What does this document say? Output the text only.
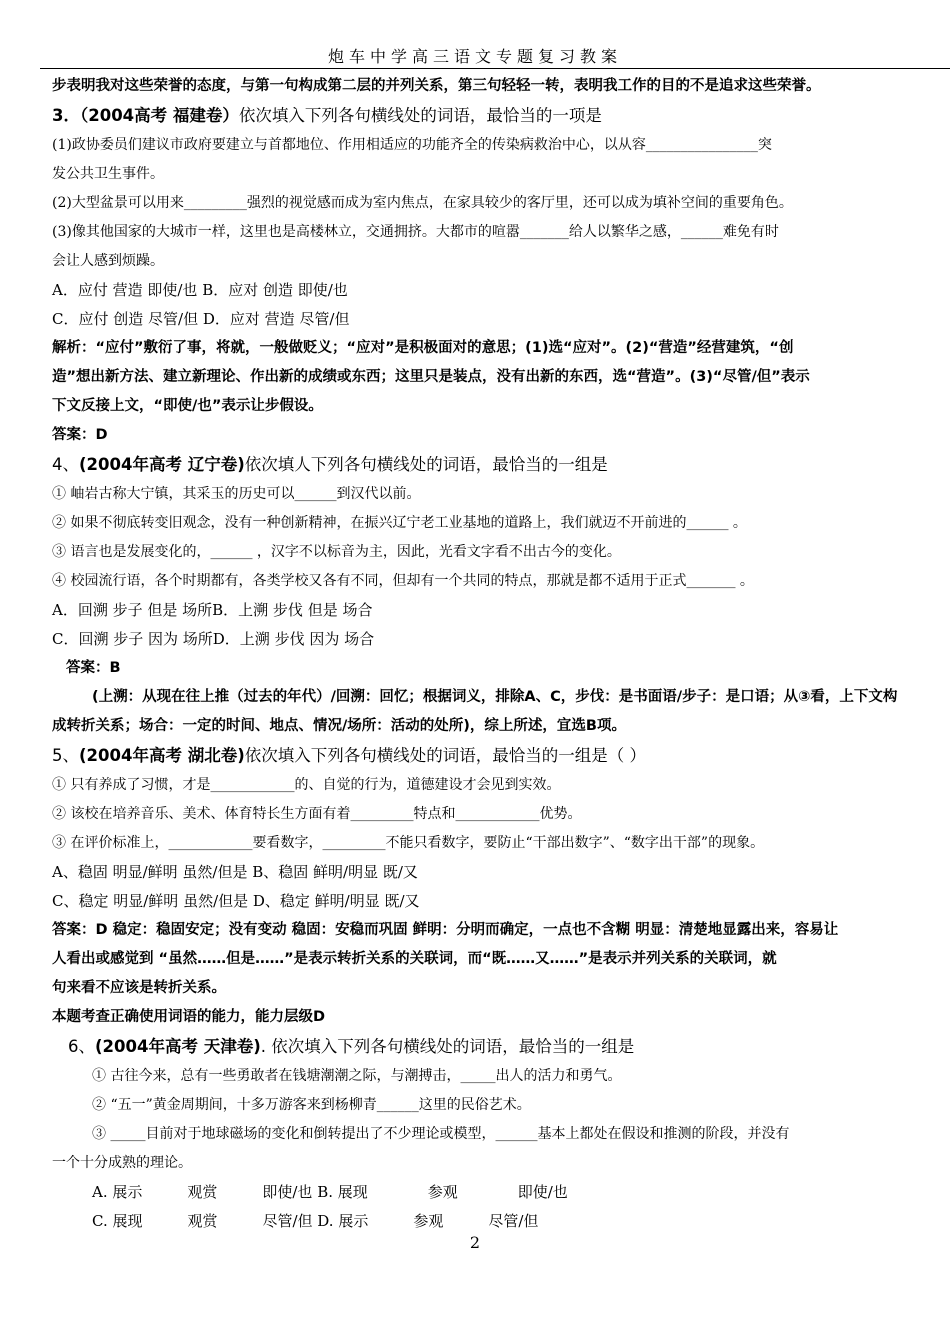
炮车中学高三语文专题复习教案
步表明我对这些荣誉的态度，与第一句构成第二层的并列关系，第三句轻轻一转，表明我工作的目的不是追求这些荣誉。
3．（2004高考 福建卷）依次填入下列各句横线处的词语，最恰当的一项是
(1)政协委员们建议市政府要建立与首都地位、作用相适应的功能齐全的传染病救治中心，以从容________________突
发公共卫生事件。
(2)大型盆景可以用来_________强烈的视觉感而成为室内焦点，在家具较少的客厅里，还可以成为填补空间的重要角色。
(3)像其他国家的大城市一样，这里也是高楼林立，交通拥挤。大都市的喧嚣_______给人以繁华之感，______难免有时
会让人感到烦躁。
A．应付 营造 即使/也 B．应对 创造 即使/也
C．应付 创造 尽管/但 D．应对 营造 尽管/但
解析：“应付”敷衍了事，将就，一般做贬义；“应对”是积极面对的意思；(1)选“应对”。(2)“营造”经营建筑，“创
造”想出新方法、建立新理论、作出新的成绩或东西；这里只是装点，没有出新的东西，选“营造”。(3)“尽管/但”表示
下文反接上文，“即使/也”表示让步假设。
答案：D
4、(2004年高考 辽宁卷)依次填人下列各句横线处的词语，最恰当的一组是
① 岫岩古称大宁镇，其采玉的历史可以______到汉代以前。
② 如果不彻底转变旧观念，没有一种创新精神，在振兴辽宁老工业基地的道路上，我们就迈不开前进的______ 。
③ 语言也是发展变化的，______ ，汉字不以标音为主，因此，光看文字看不出古今的变化。
④ 校园流行语，各个时期都有，各类学校又各有不同，但却有一个共同的特点，那就是都不适用于正式_______ 。
A．回溯 步子 但是 场所B．上溯 步伐 但是 场合
C．回溯 步子 因为 场所D．上溯 步伐 因为 场合
答案：B
(上溯：从现在往上推（过去的年代）/回溯：回忆；根据词义，排除A、C，步伐：是书面语/步子：是口语；从③看，上下文构
成转折关系；场合：一定的时间、地点、情况/场所：活动的处所)，综上所述，宜选B项。
5、(2004年高考 湖北卷)依次填入下列各句横线处的词语，最恰当的一组是（ ）
① 只有养成了习惯，才是____________的、自觉的行为，道德建设才会见到实效。
② 该校在培养音乐、美术、体育特长生方面有着_________特点和____________优势。
③ 在评价标准上，____________要看数字，_________不能只看数字，要防止“干部出数字”、“数字出干部”的现象。
A、稳固 明显/鲜明 虽然/但是 B、稳固 鲜明/明显 既/又
C、稳定 明显/鲜明 虽然/但是 D、稳定 鲜明/明显 既/又
答案：D 稳定：稳固安定；没有变动 稳固：安稳而巩固 鲜明：分明而确定，一点也不含糊 明显：清楚地显露出来，容易让
人看出或感觉到 “虽然……但是……”是表示转折关系的关联词，而“既……又……”是表示并列关系的关联词，就
句来看不应该是转折关系。
本题考查正确使用词语的能力，能力层级D
6、(2004年高考 天津卷). 依次填入下列各句横线处的词语，最恰当的一组是
① 古往今来，总有一些勇敢者在钱塘潮潮之际，与潮搏击，_____出人的活力和勇气。
② “五一”黄金周期间，十多万游客来到杨柳青______这里的民俗艺术。
③ _____目前对于地球磁场的变化和倒转提出了不少理论或模型，______基本上都处在假设和推测的阶段，并没有
一个十分成熟的理论。
A. 展示　　　观赏　　　即使/也 B. 展现　　　　参观　　　　即使/也
C. 展现　　　观赏　　　尽管/但 D. 展示　　　参观　　　尽管/但
2
